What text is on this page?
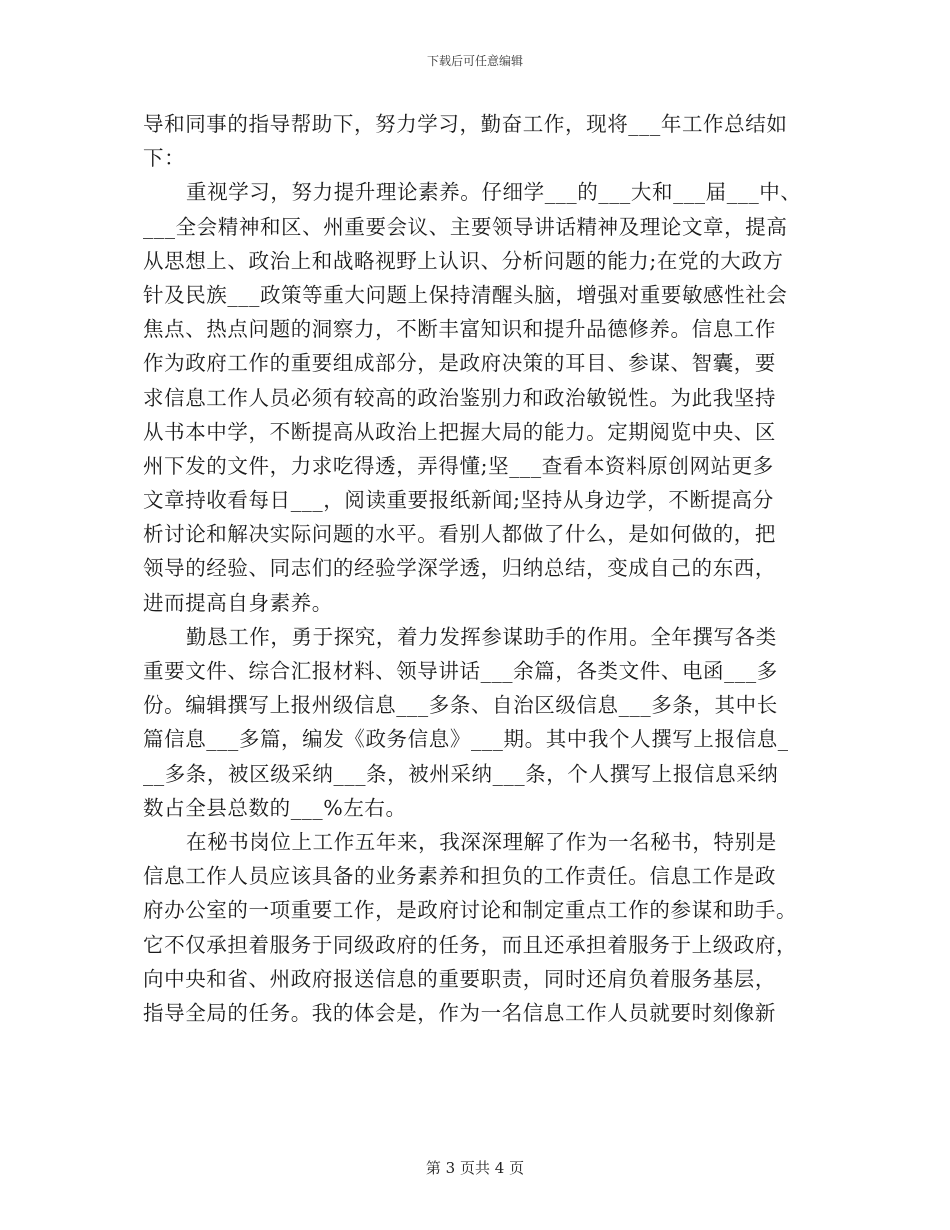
下载后可任意编辑
导和同事的指导帮助下，努力学习，勤奋工作，现将___年工作总结如
下：
重视学习，努力提升理论素养。仔细学___的___大和___届___中、
___全会精神和区、州重要会议、主要领导讲话精神及理论文章，提高
从思想上、政治上和战略视野上认识、分析问题的能力;在党的大政方
针及民族___政策等重大问题上保持清醒头脑，增强对重要敏感性社会
焦点、热点问题的洞察力，不断丰富知识和提升品德修养。信息工作
作为政府工作的重要组成部分，是政府决策的耳目、参谋、智囊，要
求信息工作人员必须有较高的政治鉴别力和政治敏锐性。为此我坚持
从书本中学，不断提高从政治上把握大局的能力。定期阅览中央、区
州下发的文件，力求吃得透，弄得懂;坚___查看本资料原创网站更多
文章持收看每日___，阅读重要报纸新闻;坚持从身边学，不断提高分
析讨论和解决实际问题的水平。看别人都做了什么，是如何做的，把
领导的经验、同志们的经验学深学透，归纳总结，变成自己的东西，
进而提高自身素养。
勤恳工作，勇于探究，着力发挥参谋助手的作用。全年撰写各类
重要文件、综合汇报材料、领导讲话___余篇，各类文件、电函___多
份。编辑撰写上报州级信息___多条、自治区级信息___多条，其中长
篇信息___多篇，编发《政务信息》___期。其中我个人撰写上报信息_
__多条，被区级采纳___条，被州采纳___条，个人撰写上报信息采纳
数占全县总数的___%左右。
在秘书岗位上工作五年来，我深深理解了作为一名秘书，特别是
信息工作人员应该具备的业务素养和担负的工作责任。信息工作是政
府办公室的一项重要工作，是政府讨论和制定重点工作的参谋和助手。
它不仅承担着服务于同级政府的任务，而且还承担着服务于上级政府，
向中央和省、州政府报送信息的重要职责，同时还肩负着服务基层，
指导全局的任务。我的体会是，作为一名信息工作人员就要时刻像新
第 3 页共 4 页
